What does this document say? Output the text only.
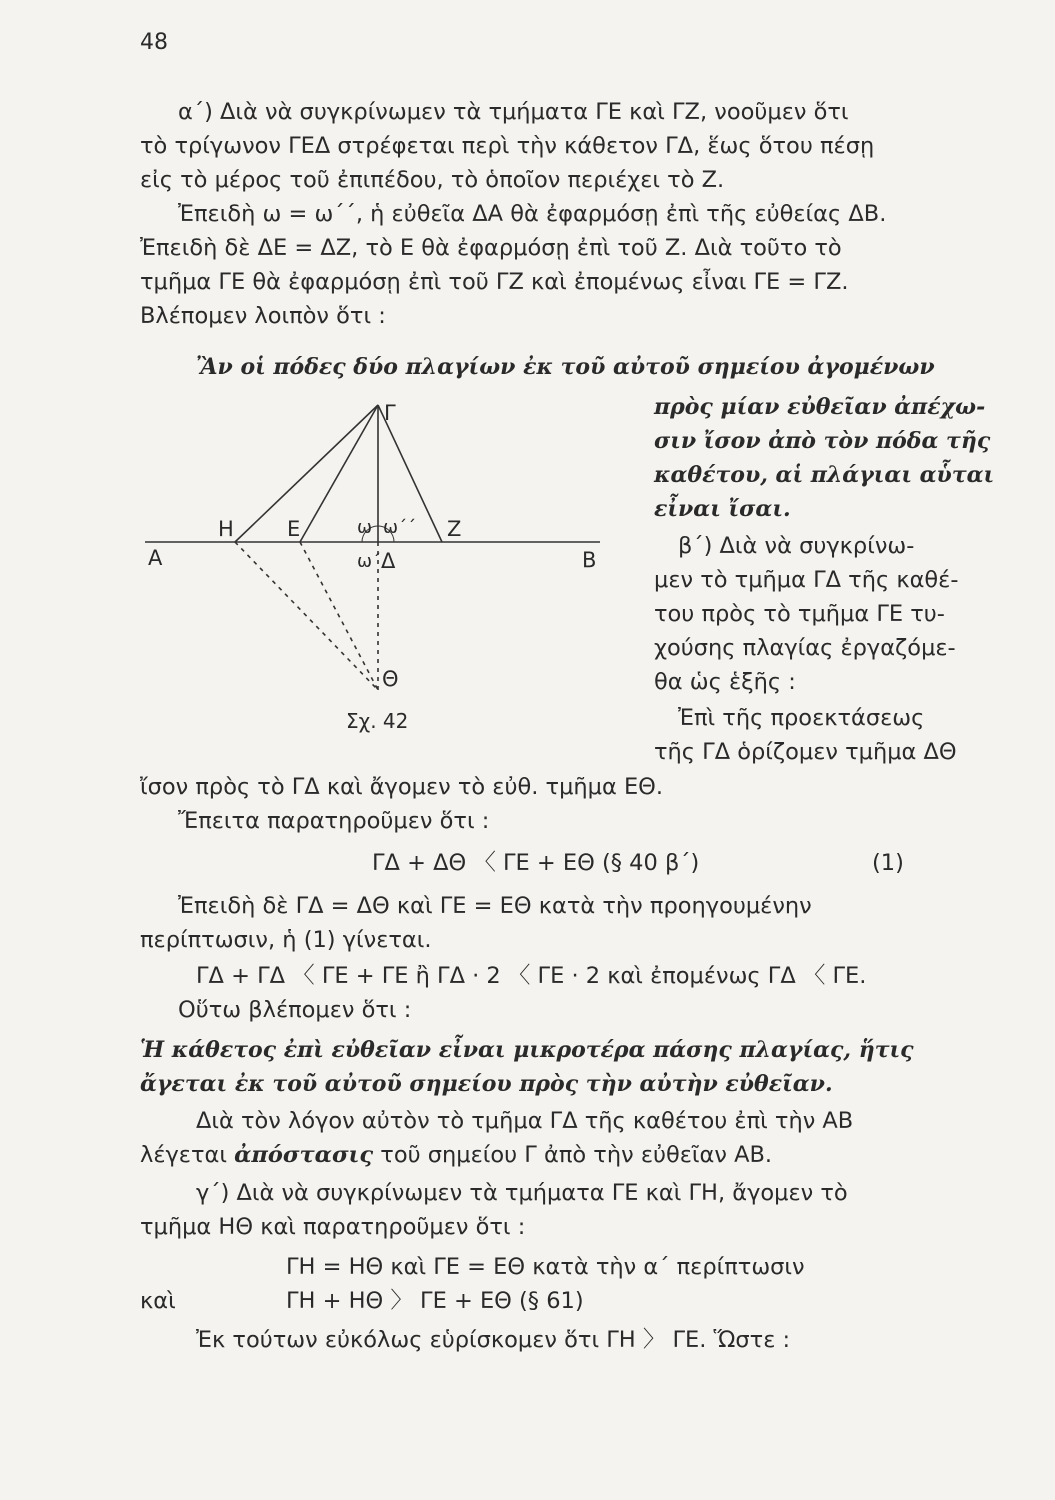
48
α΄) Διὰ νὰ συγκρίνωμεν τὰ τμήματα ΓΕ καὶ ΓΖ, νοοῦμεν ὅτι
τὸ τρίγωνον ΓΕΔ στρέφεται περὶ τὴν κάθετον ΓΔ, ἕως ὅτου πέσῃ
εἰς τὸ μέρος τοῦ ἐπιπέδου, τὸ ὁποῖον περιέχει τὸ Ζ.
Ἐπειδὴ ω = ω΄΄, ἡ εὐθεῖα ΔΑ θὰ ἐφαρμόσῃ ἐπὶ τῆς εὐθείας ΔΒ.
Ἐπειδὴ δὲ ΔΕ = ΔΖ, τὸ Ε θὰ ἐφαρμόσῃ ἐπὶ τοῦ Ζ. Διὰ τοῦτο τὸ
τμῆμα ΓΕ θὰ ἐφαρμόσῃ ἐπὶ τοῦ ΓΖ καὶ ἐπομένως εἶναι ΓΕ = ΓΖ.
Βλέπομεν λοιπὸν ὅτι :
Ἂν οἱ πόδες δύο πλαγίων ἐκ τοῦ αὐτοῦ σημείου ἀγομένων
πρὸς μίαν εὐθεῖαν ἀπέχω-
σιν ἴσον ἀπὸ τὸν πόδα τῆς
καθέτου, αἱ πλάγιαι αὗται
εἶναι ἴσαι.
β΄) Διὰ νὰ συγκρίνω-
μεν τὸ τμῆμα ΓΔ τῆς καθέ-
του πρὸς τὸ τμῆμα ΓΕ τυ-
χούσης πλαγίας ἐργαζόμε-
θα ὡς ἑξῆς :
Ἐπὶ τῆς προεκτάσεως
τῆς ΓΔ ὁρίζομεν τμῆμα ΔΘ
Γ
Η	Ε	ω ω΄΄ Ζ
Α	ω΄ Δ	Β
Θ
Σχ. 42
ἴσον πρὸς τὸ ΓΔ καὶ ἄγομεν τὸ εὐθ. τμῆμα ΕΘ.
Ἔπειτα παρατηροῦμεν ὅτι :
ΓΔ + ΔΘ 〈 ΓΕ + ΕΘ (§ 40 β΄)	(1)
Ἐπειδὴ δὲ ΓΔ = ΔΘ καὶ ΓΕ = ΕΘ κατὰ τὴν προηγουμένην
περίπτωσιν, ἡ (1) γίνεται.
ΓΔ + ΓΔ 〈 ΓΕ + ΓΕ ἢ ΓΔ · 2 〈 ΓΕ · 2 καὶ ἐπομένως ΓΔ 〈 ΓΕ.
Οὕτω βλέπομεν ὅτι :
Ἡ κάθετος ἐπὶ εὐθεῖαν εἶναι μικροτέρα πάσης πλαγίας, ἥτις
ἄγεται ἐκ τοῦ αὐτοῦ σημείου πρὸς τὴν αὐτὴν εὐθεῖαν.
Διὰ τὸν λόγον αὐτὸν τὸ τμῆμα ΓΔ τῆς καθέτου ἐπὶ τὴν ΑΒ
λέγεται ἀπόστασις τοῦ σημείου Γ ἀπὸ τὴν εὐθεῖαν ΑΒ.
γ΄) Διὰ νὰ συγκρίνωμεν τὰ τμήματα ΓΕ καὶ ΓΗ, ἄγομεν τὸ
τμῆμα ΗΘ καὶ παρατηροῦμεν ὅτι :
ΓΗ = ΗΘ καὶ ΓΕ = ΕΘ κατὰ τὴν α΄ περίπτωσιν
καὶ	ΓΗ + ΗΘ 〉 ΓΕ + ΕΘ (§ 61)
Ἐκ τούτων εὐκόλως εὑρίσκομεν ὅτι ΓΗ 〉 ΓΕ. Ὥστε :
